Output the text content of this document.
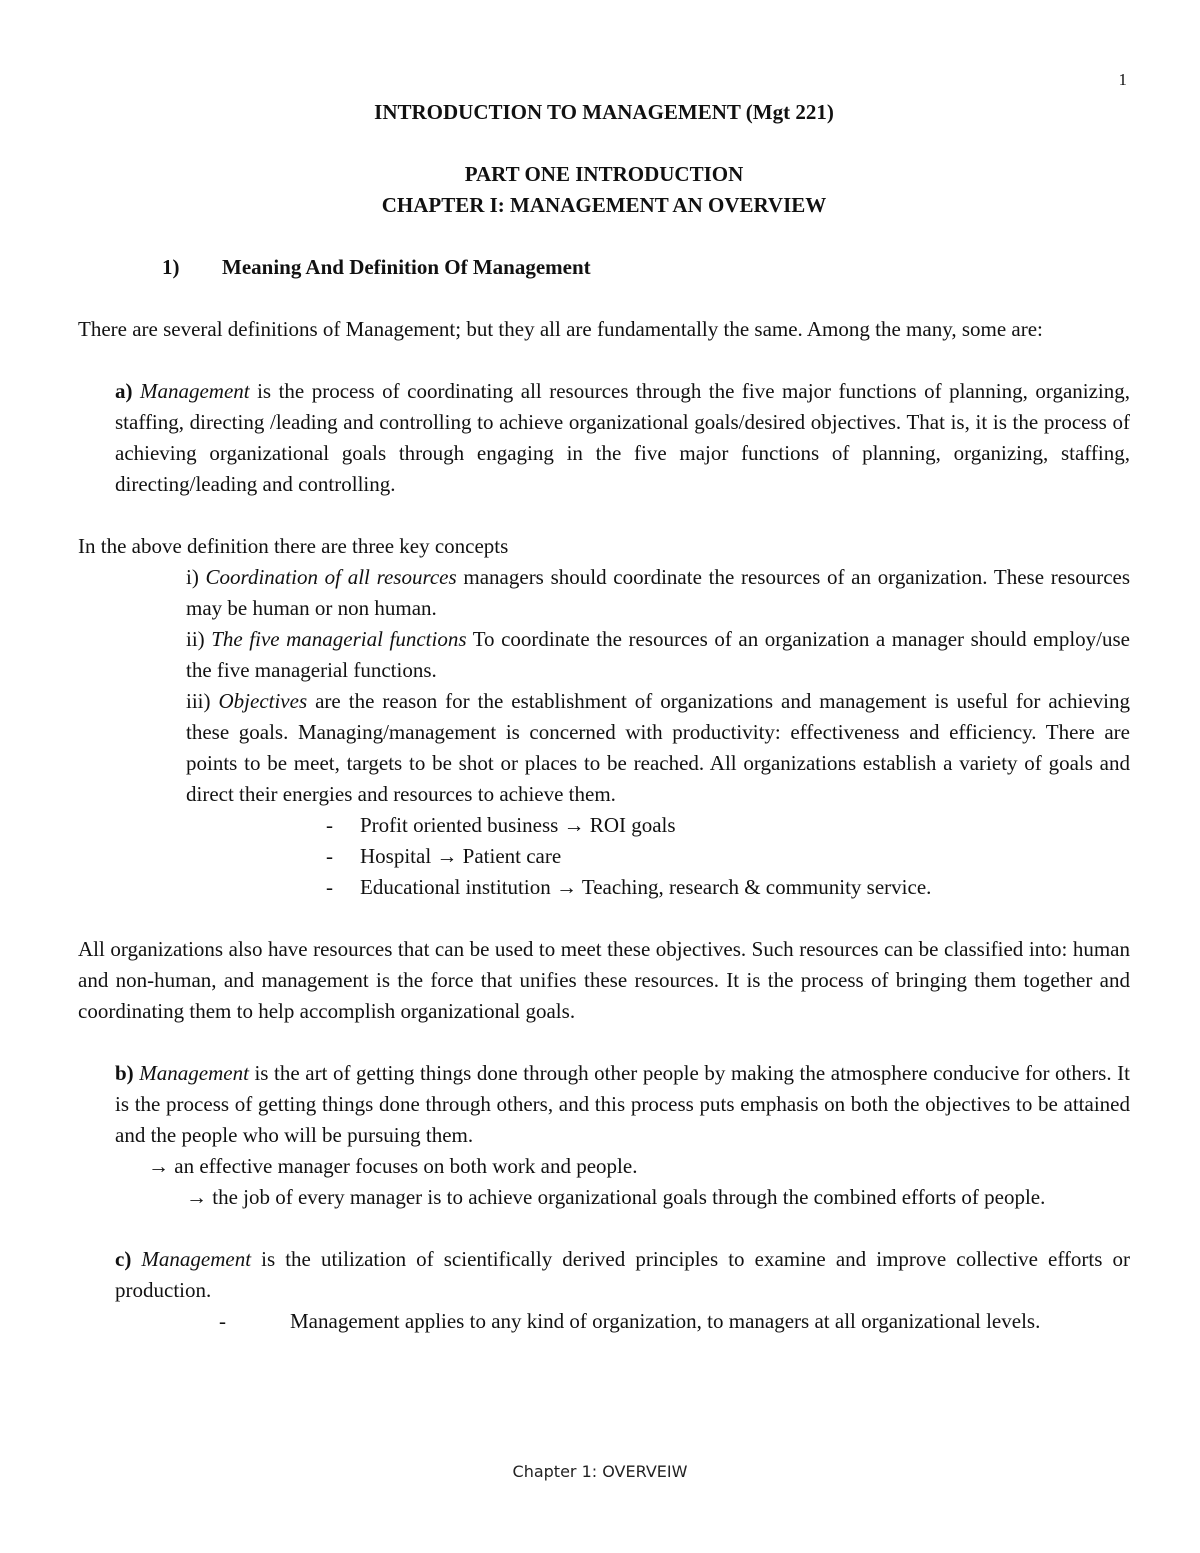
1

INTRODUCTION TO MANAGEMENT (Mgt 221)

PART ONE INTRODUCTION

CHAPTER I: MANAGEMENT AN OVERVIEW

1) Meaning And Definition Of Management

There are several definitions of Management; but they all are fundamentally the same. Among the many, some are:

a) Management is the process of coordinating all resources through the five major functions of planning, organizing, staffing, directing /leading and controlling to achieve organizational goals/desired objectives. That is, it is the process of achieving organizational goals through engaging in the five major functions of planning, organizing, staffing, directing/leading and controlling.

In the above definition there are three key concepts

i) Coordination of all resources managers should coordinate the resources of an organization. These resources may be human or non human.

ii) The five managerial functions To coordinate the resources of an organization a manager should employ/use the five managerial functions.

iii) Objectives are the reason for the establishment of organizations and management is useful for achieving these goals. Managing/management is concerned with productivity: effectiveness and efficiency. There are points to be meet, targets to be shot or places to be reached. All organizations establish a variety of goals and direct their energies and resources to achieve them.

- Profit oriented business → ROI goals
- Hospital → Patient care
- Educational institution → Teaching, research & community service.

All organizations also have resources that can be used to meet these objectives. Such resources can be classified into: human and non-human, and management is the force that unifies these resources. It is the process of bringing them together and coordinating them to help accomplish organizational goals.

b) Management is the art of getting things done through other people by making the atmosphere conducive for others. It is the process of getting things done through others, and this process puts emphasis on both the objectives to be attained and the people who will be pursuing them.

→ an effective manager focuses on both work and people.

→ the job of every manager is to achieve organizational goals through the combined efforts of people.

c) Management is the utilization of scientifically derived principles to examine and improve collective efforts or production.

-	Management applies to any kind of organization, to managers at all organizational levels.

Chapter 1: OVERVEIW
